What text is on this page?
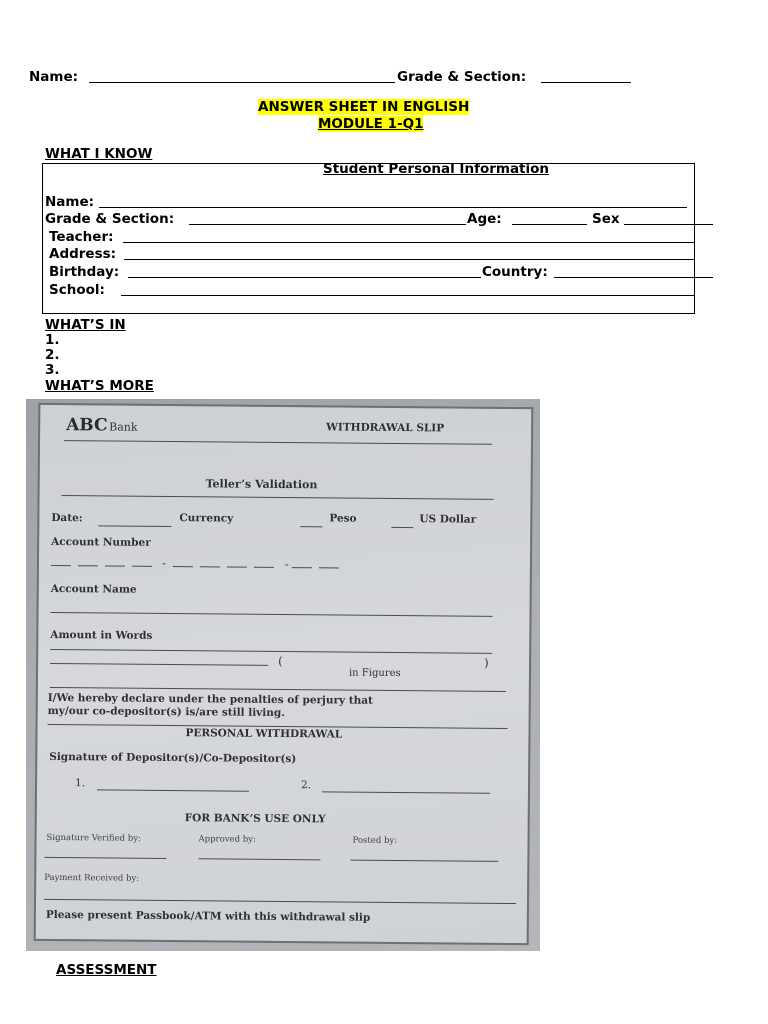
Name:	Grade & Section:
ANSWER SHEET IN ENGLISH
MODULE 1-Q1
WHAT I KNOW
Student Personal Information
Name:
Grade & Section:	Age:	Sex
Teacher:
Address:
Birthday:	Country:
School:
WHAT’S IN
1.
2.
3.
WHAT’S MORE
ABC Bank	WITHDRAWAL SLIP
Teller’s Validation
Date:	Currency	Peso	US Dollar
Account Number
-	-
Account Name
Amount in Words
(	)
in Figures
I/We hereby declare under the penalties of perjury that
my/our co-depositor(s) is/are still living.
PERSONAL WITHDRAWAL
Signature of Depositor(s)/Co-Depositor(s)
1.	2.
FOR BANK’S USE ONLY
Signature Verified by:	Approved by:	Posted by:
Payment Received by:
Please present Passbook/ATM with this withdrawal slip
ASSESSMENT
